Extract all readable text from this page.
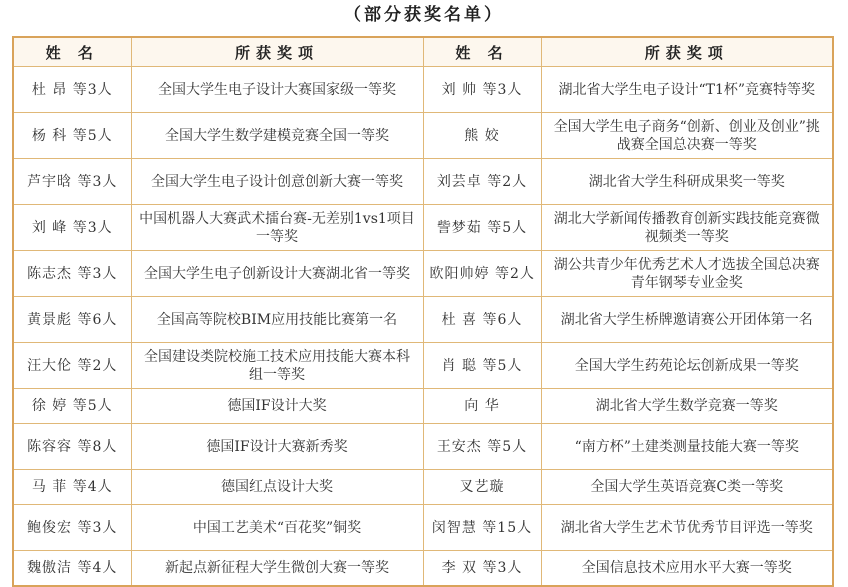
（部分获奖名单）
姓 名	所获奖项	姓 名	所获奖项
杜 昂 等3人	全国大学生电子设计大赛国家级一等奖	刘 帅 等3人	湖北省大学生电子设计“T1杯”竞赛特等奖
杨 科 等5人	全国大学生数学建模竞赛全国一等奖	熊 姣	全国大学生电子商务“创新、创业及创业”挑战赛全国总决赛一等奖
芦宇晗 等3人	全国大学生电子设计创意创新大赛一等奖	刘芸卓 等2人	湖北省大学生科研成果奖一等奖
刘 峰 等3人	中国机器人大赛武术擂台赛-无差别1vs1项目一等奖	訾梦茹 等5人	湖北大学新闻传播教育创新实践技能竞赛微视频类一等奖
陈志杰 等3人	全国大学生电子创新设计大赛湖北省一等奖	欧阳帅婷 等2人	湖公共青少年优秀艺术人才选拔全国总决赛青年钢琴专业金奖
黄景彪 等6人	全国高等院校BIM应用技能比赛第一名	杜 喜 等6人	湖北省大学生桥牌邀请赛公开团体第一名
汪大伦 等2人	全国建设类院校施工技术应用技能大赛本科组一等奖	肖 聪 等5人	全国大学生药苑论坛创新成果一等奖
徐 婷 等5人	德国IF设计大奖	向 华	湖北省大学生数学竞赛一等奖
陈容容 等8人	德国IF设计大赛新秀奖	王安杰 等5人	“南方杯”土建类测量技能大赛一等奖
马 菲 等4人	德国红点设计大奖	叉艺璇	全国大学生英语竞赛C类一等奖
鲍俊宏 等3人	中国工艺美术“百花奖”铜奖	闵智慧 等15人	湖北省大学生艺术节优秀节目评选一等奖
魏傲洁 等4人	新起点新征程大学生微创大赛一等奖	李 双 等3人	全国信息技术应用水平大赛一等奖
